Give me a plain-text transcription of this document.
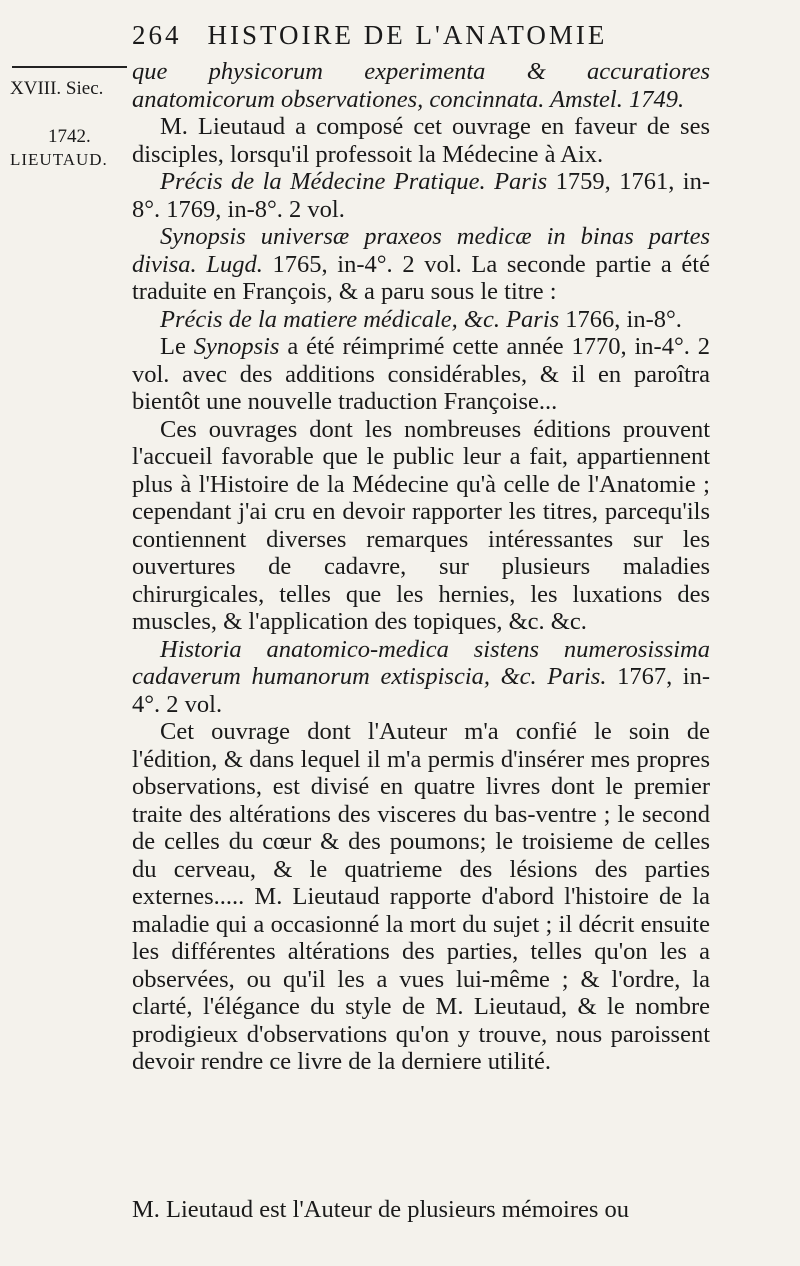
264 HISTOIRE DE L'ANATOMIE
XVIII. Siec.
1742.
LIEUTAUD.

que physicorum experimenta & accuratiores anatomicorum observationes, concinnata. Amstel. 1749.

M. Lieutaud a composé cet ouvrage en faveur de ses disciples, lorsqu'il professoit la Médecine à Aix.

Précis de la Médecine Pratique. Paris 1759, 1761, in-8°. 1769, in-8°. 2 vol.

Synopsis universæ praxeos medicæ in binas partes divisa. Lugd. 1765, in-4°. 2 vol. La seconde partie a été traduite en François, & a paru sous le titre :

Précis de la matiere médicale, &c. Paris 1766, in-8°.

Le Synopsis a été réimprimé cette année 1770, in-4°. 2 vol. avec des additions considérables, & il en paroîtra bientôt une nouvelle traduction Françoise...

Ces ouvrages dont les nombreuses éditions prouvent l'accueil favorable que le public leur a fait, appartiennent plus à l'Histoire de la Médecine qu'à celle de l'Anatomie ; cependant j'ai cru en devoir rapporter les titres, parcequ'ils contiennent diverses remarques intéressantes sur les ouvertures de cadavre, sur plusieurs maladies chirurgicales, telles que les hernies, les luxations des muscles, & l'application des topiques, &c. &c.

Historia anatomico-medica sistens numerosissima cadaverum humanorum extispiscia, &c. Paris. 1767, in-4°. 2 vol.

Cet ouvrage dont l'Auteur m'a confié le soin de l'édition, & dans lequel il m'a permis d'insérer mes propres observations, est divisé en quatre livres dont le premier traite des altérations des visceres du bas-ventre ; le second de celles du cœur & des poumons; le troisieme de celles du cerveau, & le quatrieme des lésions des parties externes..... M. Lieutaud rapporte d'abord l'histoire de la maladie qui a occasionné la mort du sujet ; il décrit ensuite les différentes altérations des parties, telles qu'on les a observées, ou qu'il les a vues lui-même ; & l'ordre, la clarté, l'élégance du style de M. Lieutaud, & le nombre prodigieux d'observations qu'on y trouve, nous paroissent devoir rendre ce livre de la derniere utilité.

M. Lieutaud est l'Auteur de plusieurs mémoires ou
